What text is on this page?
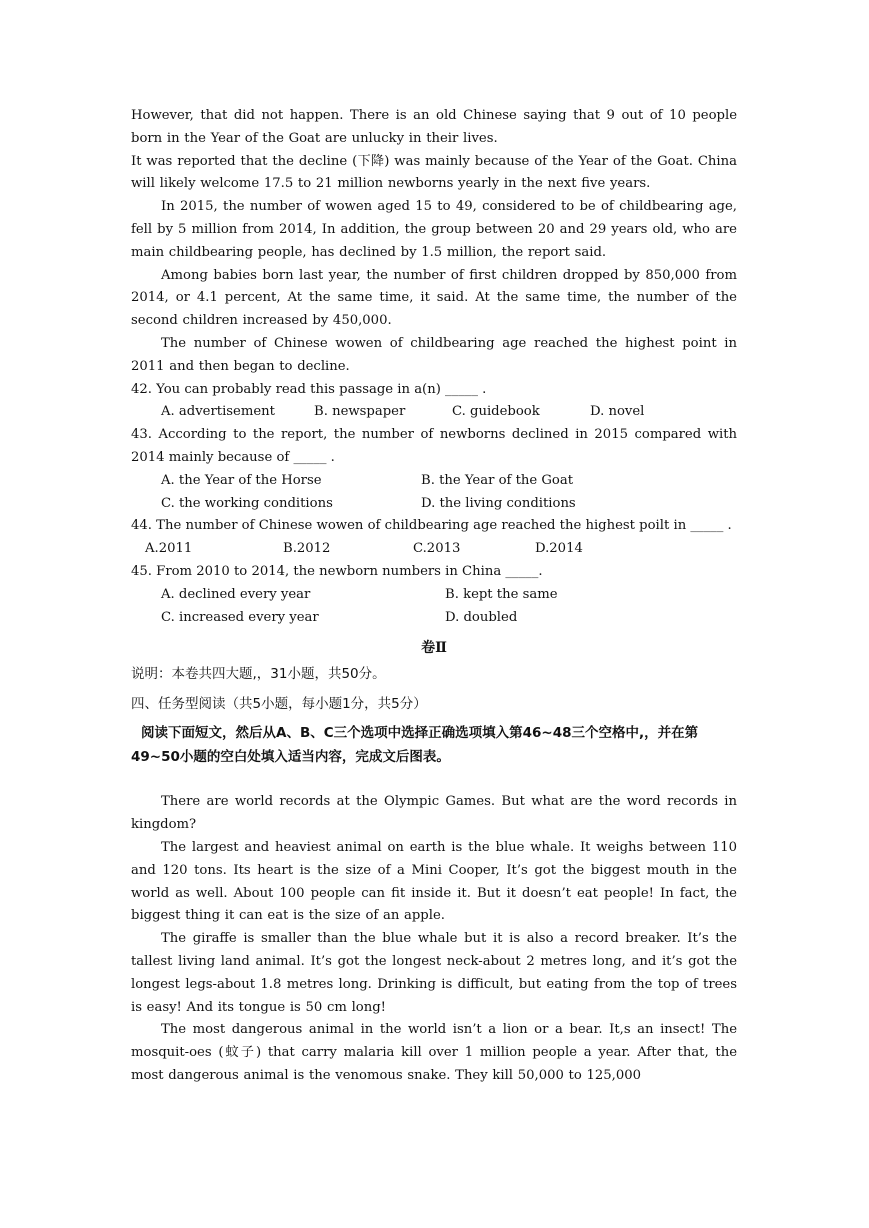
However, that did not happen. There is an old Chinese saying that 9 out of 10 people born in the Year of the Goat are unlucky in their lives.

It was reported that the decline (下降) was mainly because of the Year of the Goat. China will likely welcome 17.5 to 21 million newborns yearly in the next five years.

In 2015, the number of wowen aged 15 to 49, considered to be of childbearing age, fell by 5 million from 2014, In addition, the group between 20 and 29 years old, who are main childbearing people, has declined by 1.5 million, the report said.

Among babies born last year, the number of first children dropped by 850,000 from 2014, or 4.1 percent, At the same time, it said. At the same time, the number of the second children increased by 450,000.

The number of Chinese wowen of childbearing age reached the highest point in 2011 and then began to decline.

42. You can probably read this passage in a(n) _____ .

A. advertisement	B. newspaper	C. guidebook	D. novel

43. According to the report, the number of newborns declined in 2015 compared with 2014 mainly because of _____ .

A. the Year of the Horse	B. the Year of the Goat
C. the working conditions	D. the living conditions

44. The number of Chinese wowen of childbearing age reached the highest poilt in _____ .

A.2011	B.2012	C.2013	D.2014

45. From 2010 to 2014, the newborn numbers in China _____.

A. declined every year	B. kept the same
C. increased every year	D. doubled

卷Ⅱ

说明：本卷共四大题,，31小题，共50分。

四、任务型阅读（共5小题，每小题1分，共5分）

阅读下面短文，然后从A、B、C三个选项中选择正确选项填入第46~48三个空格中,，并在第49~50小题的空白处填入适当内容，完成文后图表。

There are world records at the Olympic Games. But what are the word records in kingdom?

The largest and heaviest animal on earth is the blue whale. It weighs between 110 and 120 tons. Its heart is the size of a Mini Cooper, It’s got the biggest mouth in the world as well. About 100 people can fit inside it. But it doesn’t eat people! In fact, the biggest thing it can eat is the size of an apple.

The giraffe is smaller than the blue whale but it is also a record breaker. It’s the tallest living land animal. It’s got the longest neck-about 2 metres long, and it’s got the longest legs-about 1.8 metres long. Drinking is difficult, but eating from the top of trees is easy! And its tongue is 50 cm long!

The most dangerous animal in the world isn’t a lion or a bear. It,s an insect! The mosquit-oes (蚊子) that carry malaria kill over 1 million people a year. After that, the most dangerous animal is the venomous snake. They kill 50,000 to 125,000
